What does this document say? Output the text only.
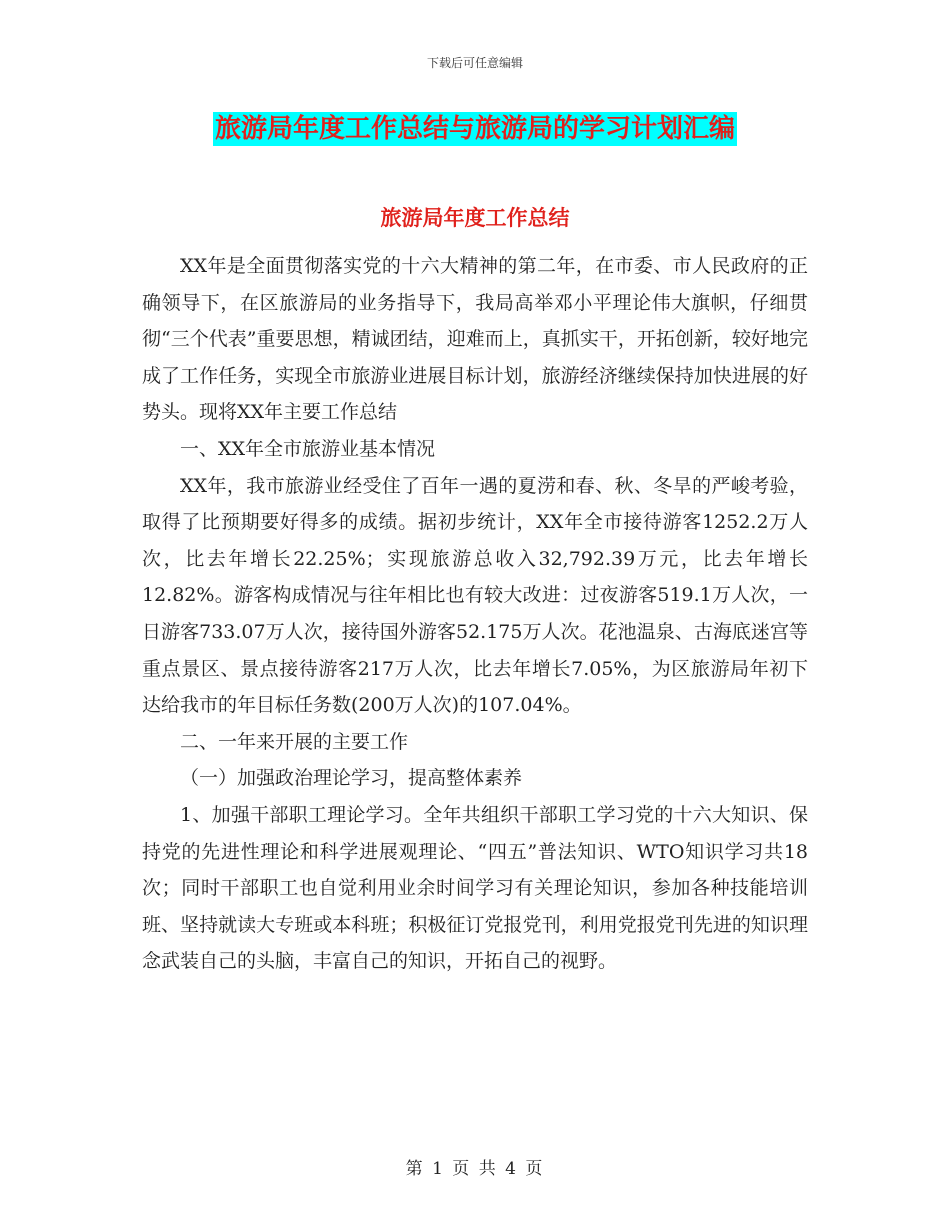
下载后可任意编辑
旅游局年度工作总结与旅游局的学习计划汇编
旅游局年度工作总结

XX年是全面贯彻落实党的十六大精神的第二年，在市委、市人民政府的正确领导下，在区旅游局的业务指导下，我局高举邓小平理论伟大旗帜，仔细贯彻“三个代表”重要思想，精诚团结，迎难而上，真抓实干，开拓创新，较好地完成了工作任务，实现全市旅游业进展目标计划，旅游经济继续保持加快进展的好势头。现将XX年主要工作总结

一、XX年全市旅游业基本情况

XX年，我市旅游业经受住了百年一遇的夏涝和春、秋、冬旱的严峻考验，取得了比预期要好得多的成绩。据初步统计，XX年全市接待游客1252.2万人次，比去年增长22.25%；实现旅游总收入32,792.39万元，比去年增长12.82%。游客构成情况与往年相比也有较大改进：过夜游客519.1万人次，一日游客733.07万人次，接待国外游客52.175万人次。花池温泉、古海底迷宫等重点景区、景点接待游客217万人次，比去年增长7.05%，为区旅游局年初下达给我市的年目标任务数(200万人次)的107.04%。

二、一年来开展的主要工作

（一）加强政治理论学习，提高整体素养

1、加强干部职工理论学习。全年共组织干部职工学习党的十六大知识、保持党的先进性理论和科学进展观理论、“四五”普法知识、WTO知识学习共18次；同时干部职工也自觉利用业余时间学习有关理论知识，参加各种技能培训班、坚持就读大专班或本科班；积极征订党报党刊，利用党报党刊先进的知识理念武装自己的头脑，丰富自己的知识，开拓自己的视野。

第 1 页 共 4 页
